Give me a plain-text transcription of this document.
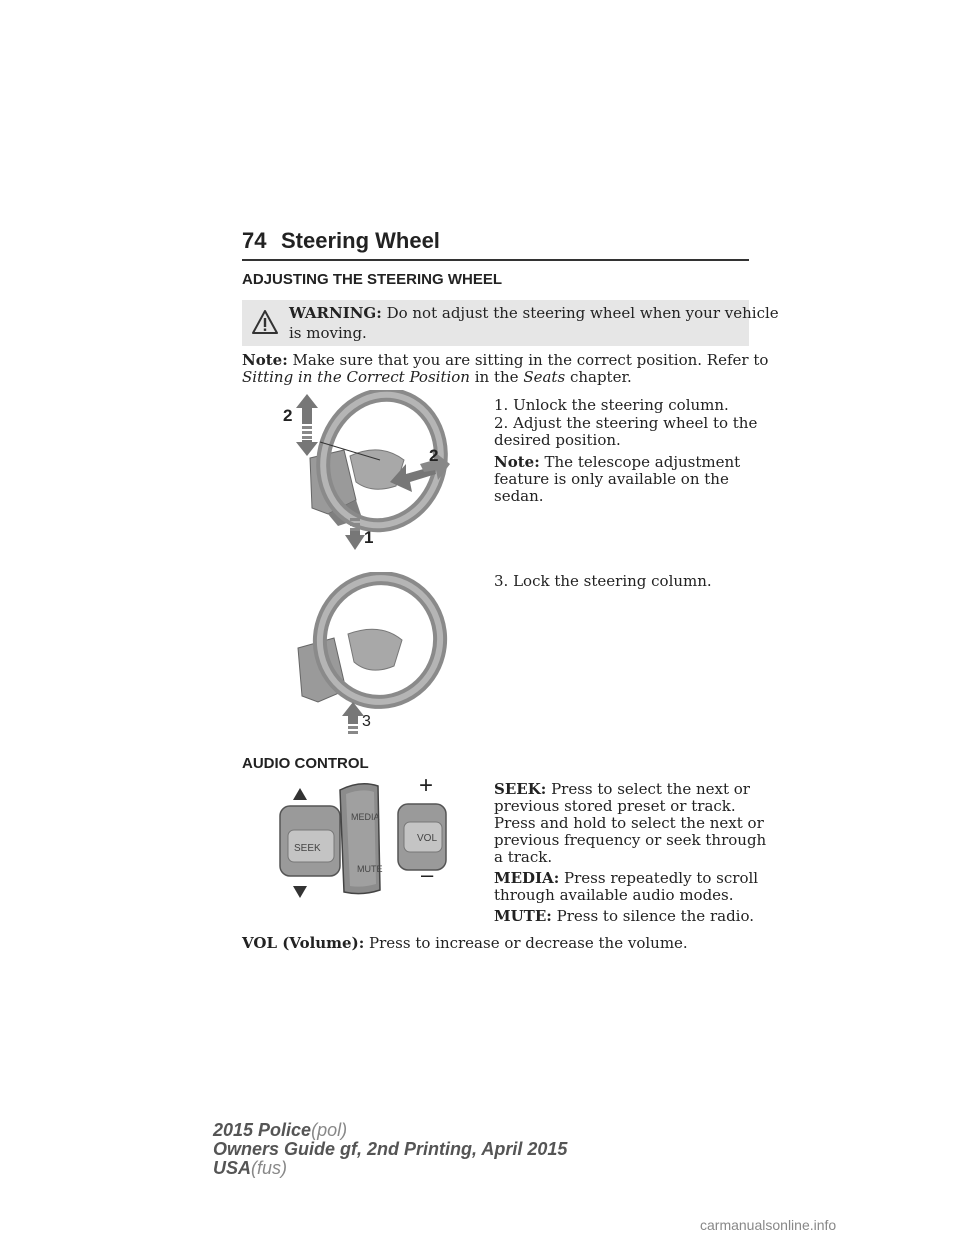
74 Steering Wheel
ADJUSTING THE STEERING WHEEL
WARNING: Do not adjust the steering wheel when your vehicle
is moving.
Note: Make sure that you are sitting in the correct position. Refer to
Sitting in the Correct Position in the Seats chapter.
2
2
1
1. Unlock the steering column.
2. Adjust the steering wheel to the
desired position.
Note: The telescope adjustment
feature is only available on the
sedan.
3. Lock the steering column.
3
AUDIO CONTROL
SEEK
MEDIA
MUTE
VOL
+
–
SEEK: Press to select the next or
previous stored preset or track.
Press and hold to select the next or
previous frequency or seek through
a track.
MEDIA: Press repeatedly to scroll
through available audio modes.
MUTE: Press to silence the radio.
VOL (Volume): Press to increase or decrease the volume.
2015 Police(pol)
Owners Guide gf, 2nd Printing, April 2015
USA(fus)
carmanualsonline.info
